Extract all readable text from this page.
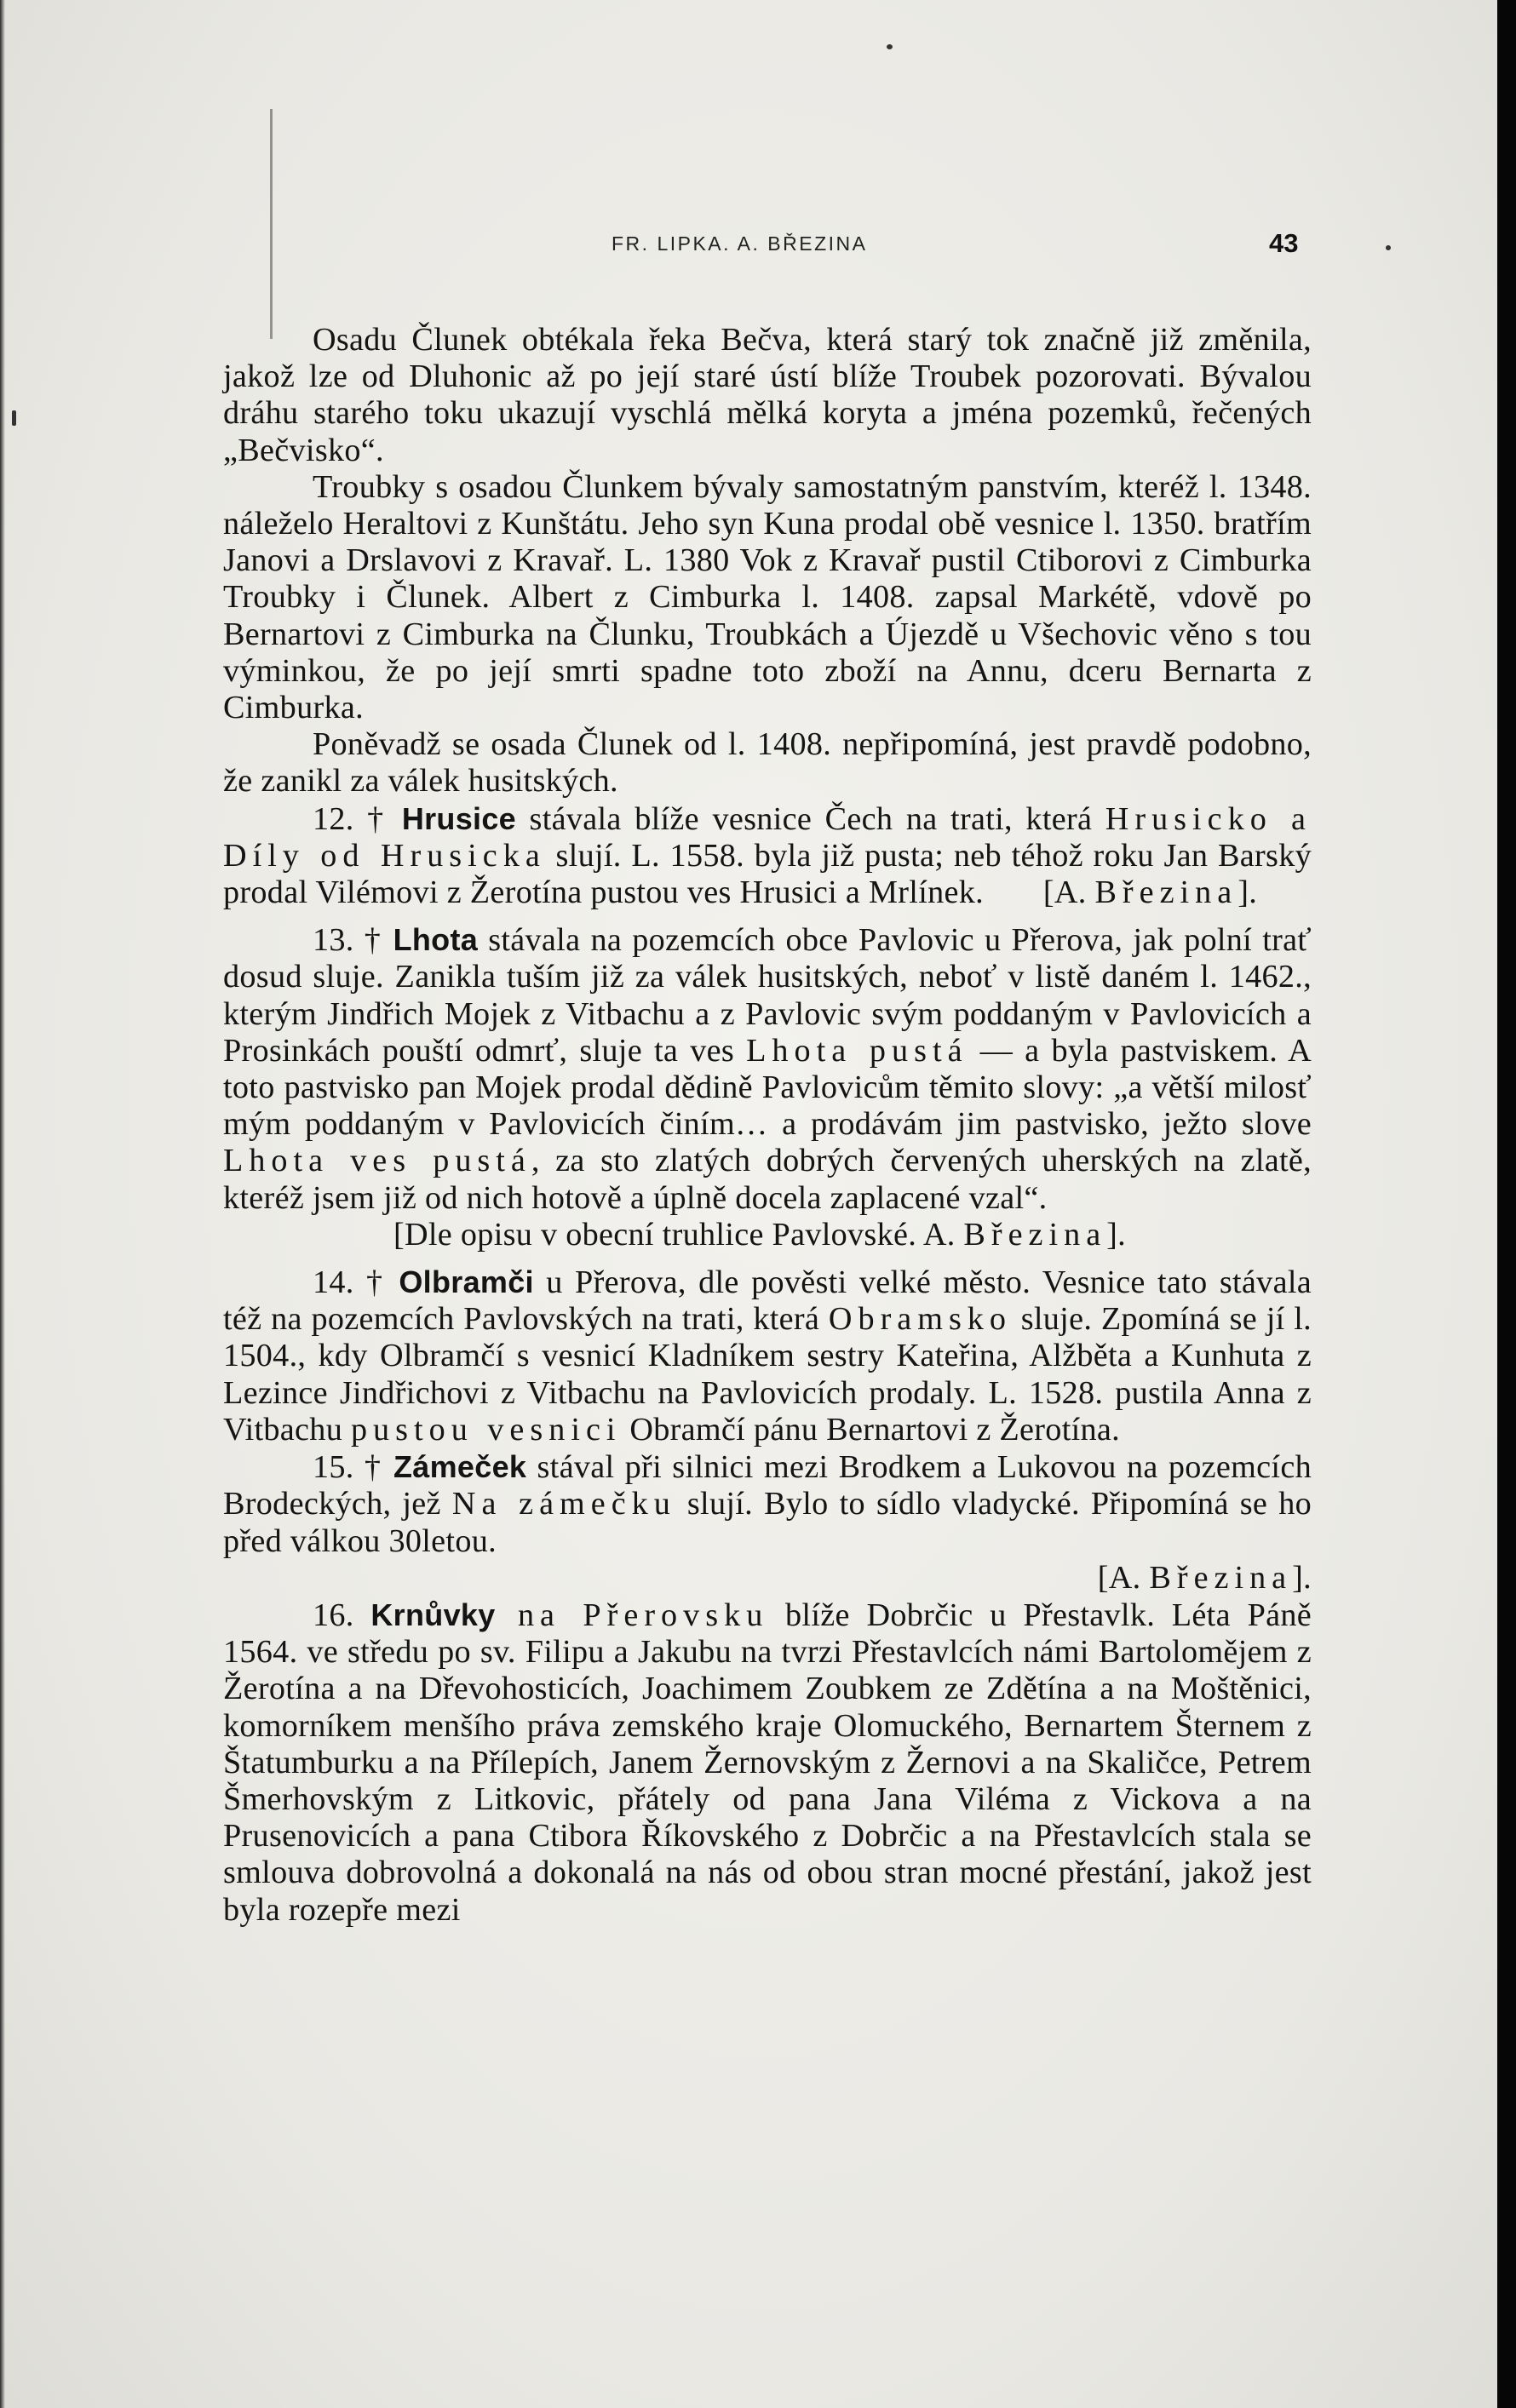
FR. LIPKA. A. BŘEZINA	43

Osadu Člunek obtékala řeka Bečva, která starý tok značně již změnila, jakož lze od Dluhonic až po její staré ústí blíže Troubek pozorovati. Bývalou dráhu starého toku ukazují vyschlá mělká koryta a jména pozemků, řečených „Bečvisko“.

Troubky s osadou Člunkem bývaly samostatným panstvím, kteréž l. 1348. náleželo Heraltovi z Kunštátu. Jeho syn Kuna prodal obě vesnice l. 1350. bratřím Janovi a Drslavovi z Kravař. L. 1380 Vok z Kravař pustil Ctiborovi z Cimburka Troubky i Člunek. Albert z Cimburka l. 1408. zapsal Markétě, vdově po Bernartovi z Cimburka na Člunku, Troubkách a Újezdě u Všechovic věno s tou výminkou, že po její smrti spadne toto zboží na Annu, dceru Bernarta z Cimburka.

Poněvadž se osada Člunek od l. 1408. nepřipomíná, jest pravdě podobno, že zanikl za válek husitských.

12. † Hrusice stávala blíže vesnice Čech na trati, která Hrusicko a Díly od Hrusicka slují. L. 1558. byla již pusta; neb téhož roku Jan Barský prodal Vilémovi z Žerotína pustou ves Hrusici a Mrlínek. [A. Březina].

13. † Lhota stávala na pozemcích obce Pavlovic u Přerova, jak polní trať dosud sluje. Zanikla tuším již za válek husitských, neboť v listě daném l. 1462., kterým Jindřich Mojek z Vitbachu a z Pavlovic svým poddaným v Pavlovicích a Prosinkách pouští odmrť, sluje ta ves Lhota pustá — a byla pastviskem. A toto pastvisko pan Mojek prodal dědině Pavlovicům těmito slovy: „a větší milosť mým poddaným v Pavlovicích činím… a prodávám jim pastvisko, ježto slove Lhota ves pustá, za sto zlatých dobrých červených uherských na zlatě, kteréž jsem již od nich hotově a úplně docela zaplacené vzal“.

[Dle opisu v obecní truhlice Pavlovské. A. Březina].

14. † Olbramči u Přerova, dle pověsti velké město. Vesnice tato stávala též na pozemcích Pavlovských na trati, která Obramsko sluje. Zpomíná se jí l. 1504., kdy Olbramčí s vesnicí Kladníkem sestry Kateřina, Alžběta a Kunhuta z Lezince Jindřichovi z Vitbachu na Pavlovicích prodaly. L. 1528. pustila Anna z Vitbachu pustou vesnici Obramčí pánu Bernartovi z Žerotína.

15. † Zámeček stával při silnici mezi Brodkem a Lukovou na pozemcích Brodeckých, jež Na zámečku slují. Bylo to sídlo vladycké. Připomíná se ho před válkou 30letou.

[A. Březina].

16. Krnůvky na Přerovsku blíže Dobrčic u Přestavlk. Léta Páně 1564. ve středu po sv. Filipu a Jakubu na tvrzi Přestavlcích námi Bartolomějem z Žerotína a na Dřevohosticích, Joachimem Zoubkem ze Zdětína a na Moštěnici, komorníkem menšího práva zemského kraje Olomuckého, Bernartem Šternem z Štatumburku a na Přílepích, Janem Žernovským z Žernovi a na Skaličce, Petrem Šmerhovským z Litkovic, přátely od pana Jana Viléma z Vickova a na Prusenovicích a pana Ctibora Říkovského z Dobrčic a na Přestavlcích stala se smlouva dobrovolná a dokonalá na nás od obou stran mocné přestání, jakož jest byla rozepře mezi
